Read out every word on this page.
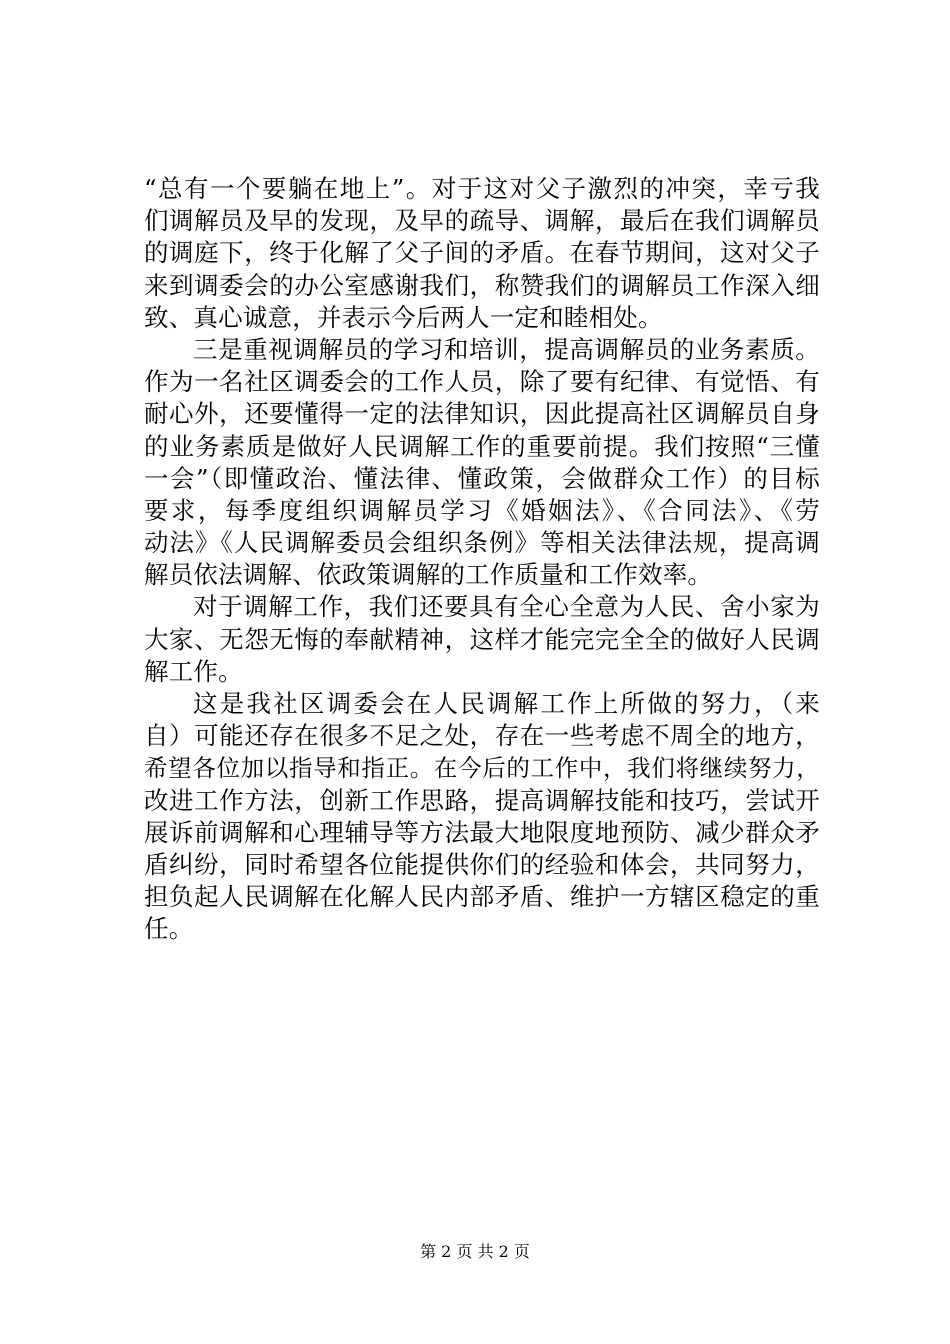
“总有一个要躺在地上”。对于这对父子激烈的冲突，幸亏我
们调解员及早的发现，及早的疏导、调解，最后在我们调解员
的调庭下，终于化解了父子间的矛盾。在春节期间，这对父子
来到调委会的办公室感谢我们，称赞我们的调解员工作深入细
致、真心诚意，并表示今后两人一定和睦相处。
三是重视调解员的学习和培训，提高调解员的业务素质。
作为一名社区调委会的工作人员，除了要有纪律、有觉悟、有
耐心外，还要懂得一定的法律知识，因此提高社区调解员自身
的业务素质是做好人民调解工作的重要前提。我们按照“三懂
一会”（即懂政治、懂法律、懂政策，会做群众工作）的目标
要求，每季度组织调解员学习《婚姻法》、《合同法》、《劳
动法》《人民调解委员会组织条例》等相关法律法规，提高调
解员依法调解、依政策调解的工作质量和工作效率。
对于调解工作，我们还要具有全心全意为人民、舍小家为
大家、无怨无悔的奉献精神，这样才能完完全全的做好人民调
解工作。
这是我社区调委会在人民调解工作上所做的努力，（来
自）可能还存在很多不足之处，存在一些考虑不周全的地方，
希望各位加以指导和指正。在今后的工作中，我们将继续努力，
改进工作方法，创新工作思路，提高调解技能和技巧，尝试开
展诉前调解和心理辅导等方法最大地限度地预防、减少群众矛
盾纠纷，同时希望各位能提供你们的经验和体会，共同努力，
担负起人民调解在化解人民内部矛盾、维护一方辖区稳定的重
任。
第 2 页 共 2 页
